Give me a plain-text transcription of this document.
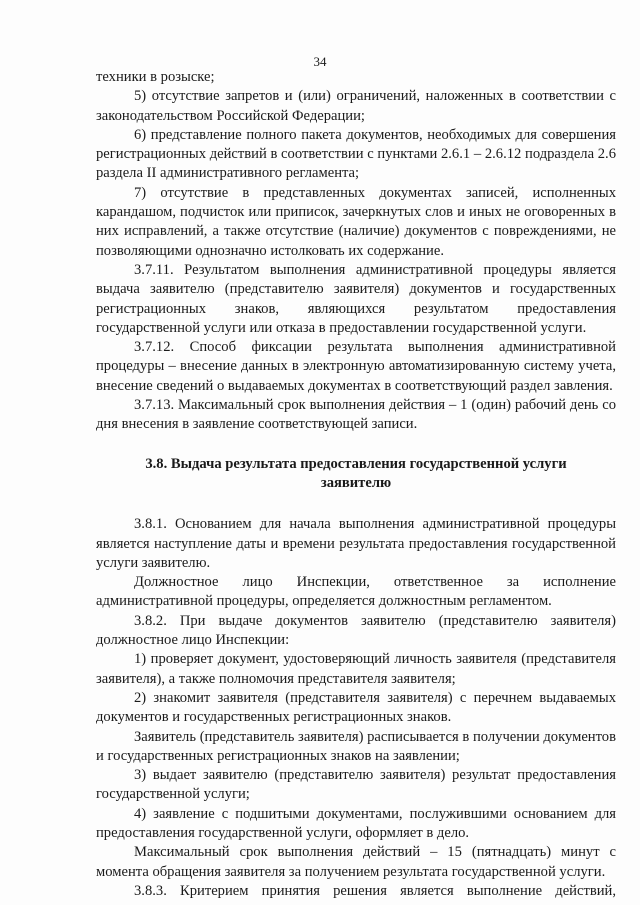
34

техники в розыске;

5) отсутствие запретов и (или) ограничений, наложенных в соответствии с законодательством Российской Федерации;

6) представление полного пакета документов, необходимых для совершения регистрационных действий в соответствии с пунктами 2.6.1 – 2.6.12 подраздела 2.6 раздела II административного регламента;

7) отсутствие в представленных документах записей, исполненных карандашом, подчисток или приписок, зачеркнутых слов и иных не оговоренных в них исправлений, а также отсутствие (наличие) документов с повреждениями, не позволяющими однозначно истолковать их содержание.

3.7.11. Результатом выполнения административной процедуры является выдача заявителю (представителю заявителя) документов и государственных регистрационных знаков, являющихся результатом предоставления государственной услуги или отказа в предоставлении государственной услуги.

3.7.12. Способ фиксации результата выполнения административной процедуры – внесение данных в электронную автоматизированную систему учета, внесение сведений о выдаваемых документах в соответствующий раздел завления.

3.7.13. Максимальный срок выполнения действия – 1 (один) рабочий день со дня внесения в заявление соответствующей записи.

3.8. Выдача результата предоставления государственной услуги

заявителю

3.8.1. Основанием для начала выполнения административной процедуры является наступление даты и времени результата предоставления государственной услуги заявителю.

Должностное лицо Инспекции, ответственное за исполнение административной процедуры, определяется должностным регламентом.

3.8.2. При выдаче документов заявителю (представителю заявителя) должностное лицо Инспекции:

1) проверяет документ, удостоверяющий личность заявителя (представителя заявителя), а также полномочия представителя заявителя;

2) знакомит заявителя (представителя заявителя) с перечнем выдаваемых документов и государственных регистрационных знаков.

Заявитель (представитель заявителя) расписывается в получении документов и государственных регистрационных знаков на заявлении;

3) выдает заявителю (представителю заявителя) результат предоставления государственной услуги;

4) заявление с подшитыми документами, послужившими основанием для предоставления государственной услуги, оформляет в дело.

Максимальный срок выполнения действий – 15 (пятнадцать) минут с момента обращения заявителя за получением результата государственной услуги.

3.8.3. Критерием принятия решения является выполнение действий,
